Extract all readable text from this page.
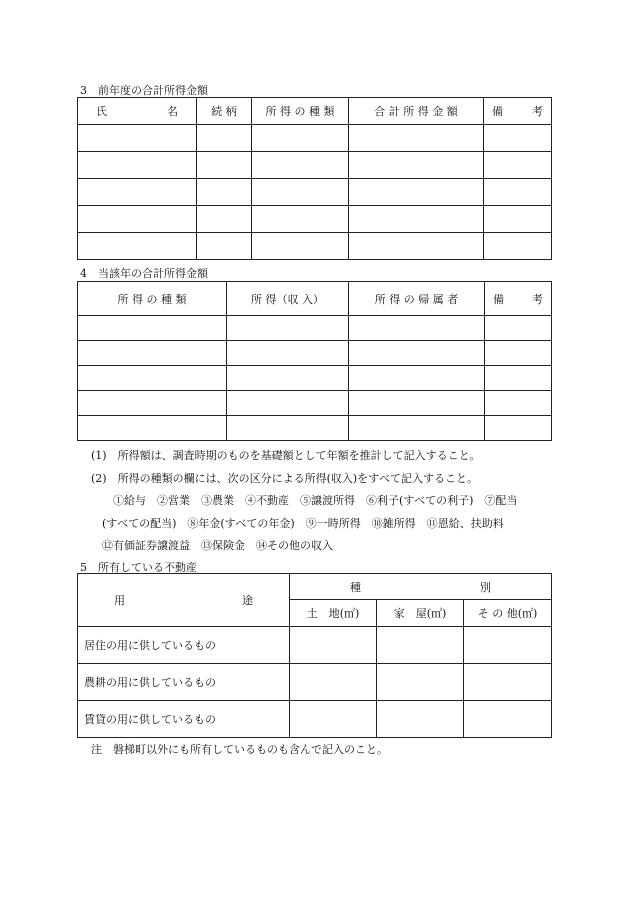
3　前年度の合計所得金額
氏 名	続 柄	所 得 の 種 類	合 計 所 得 金 額	備 考

4　当該年の合計所得金額
所 得 の 種 類	所 得（収 入）	所 得 の 帰 属 者	備 考

(1)　所得額は、調査時期のものを基礎額として年額を推計して記入すること。
(2)　所得の種類の欄には、次の区分による所得(収入)をすべて記入すること。
①給与　②営業　③農業　④不動産　⑤譲渡所得　⑥利子(すべての利子)　⑦配当
(すべての配当)　⑧年金(すべての年金)　⑨一時所得　⑩雑所得　⑪恩給、扶助料
⑫有価証券譲渡益　⑬保険金　⑭その他の収入
5　所有している不動産
用 途	種 別		

	土　地(㎡)	家　屋(㎡)	そ の 他(㎡)
居住の用に供しているもの			
農耕の用に供しているもの			
賃貸の用に供しているもの			
注　磐梯町以外にも所有しているものも含んで記入のこと。
